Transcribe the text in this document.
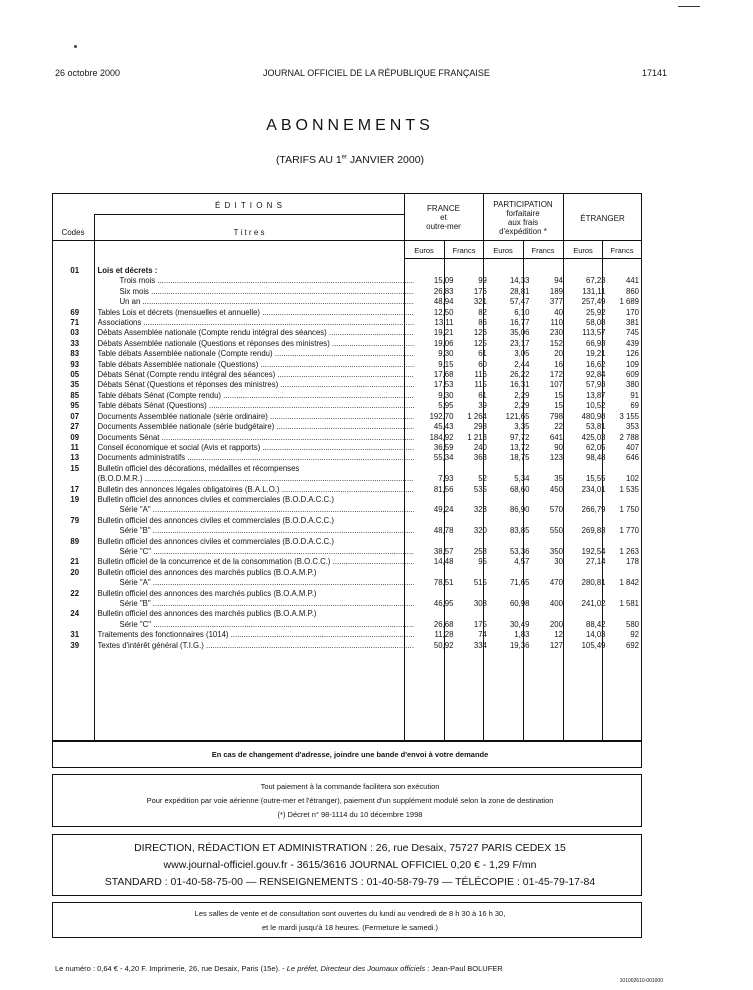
26 octobre 2000	JOURNAL OFFICIEL DE LA RÉPUBLIQUE FRANÇAISE	17141
ABONNEMENTS
(TARIFS AU 1er JANVIER 2000)
É D I T I O N S
Codes	T i t r e s
FRANCE
et
outre-mer
PARTICIPATION
forfaitaire
aux frais
d'expédition *
ÉTRANGER
Euros	Francs	Euros	Francs	Euros	Francs
01	Lois et décrets :						

	Trois mois .....	15,09	99	14,33	94	67,23	441

	Six mois .....	26,83	176	28,81	189	131,11	860

	Un an .....	48,94	321	57,47	377	257,49	1 689
69	Tables Lois et décrets (mensuelles et annuelle) .....	12,50	82	6,10	40	25,92	170
71	Associations .....	13,11	86	16,77	110	58,08	381
03	Débats Assemblée nationale (Compte rendu intégral des séances) .....	19,21	126	35,06	230	113,57	745
33	Débats Assemblée nationale (Questions et réponses des ministres) .....	19,06	125	23,17	152	66,93	439
83	Table débats Assemblée nationale (Compte rendu) .....	9,30	61	3,05	20	19,21	126
93	Table débats Assemblée nationale (Questions) .....	9,15	60	2,44	16	16,62	109
05	Débats Sénat (Compte rendu intégral des séances) .....	17,68	116	26,22	172	92,84	609
35	Débats Sénat (Questions et réponses des ministres) .....	17,53	115	16,31	107	57,93	380
85	Table débats Sénat (Compte rendu) .....	9,30	61	2,29	15	13,87	91
95	Table débats Sénat (Questions) .....	5,95	39	2,29	15	10,52	69
07	Documents Assemblée nationale (série ordinaire) .....	192,70	1 264	121,65	798	480,98	3 155
27	Documents Assemblée nationale (série budgétaire) .....	45,43	298	3,35	22	53,81	353
09	Documents Sénat .....	184,92	1 213	97,72	641	425,03	2 788
11	Conseil économique et social (Avis et rapports) .....	36,59	240	13,72	90	62,05	407
13	Documents administratifs .....	55,34	363	18,75	123	98,48	646
15	Bulletin officiel des décorations, médailles et récompenses						

	(B.O.D.M.R.) .....	7,93	52	5,34	35	15,55	102
17	Bulletin des annonces légales obligatoires (B.A.L.O.) .....	81,56	535	68,60	450	234,01	1 535
19	Bulletin officiel des annonces civiles et commerciales (B.O.D.A.C.C.)						

	Série "A" .....	49,24	323	86,90	570	266,79	1 750
79	Bulletin officiel des annonces civiles et commerciales (B.O.D.A.C.C.)						

	Série "B" .....	48,78	320	83,85	550	269,83	1 770
89	Bulletin officiel des annonces civiles et commerciales (B.O.D.A.C.C.)						

	Série "C" .....	38,57	253	53,36	350	192,54	1 263
21	Bulletin officiel de la concurrence et de la consommation (B.O.C.C.) .....	14,48	95	4,57	30	27,14	178
20	Bulletin officiel des annonces des marchés publics (B.O.A.M.P.)						

	Série "A" .....	78,51	515	71,65	470	280,81	1 842
22	Bulletin officiel des annonces des marchés publics (B.O.A.M.P.)						

	Série "B" .....	46,95	308	60,98	400	241,02	1 581
24	Bulletin officiel des annonces des marchés publics (B.O.A.M.P.)						

	Série "C" .....	26,68	175	30,49	200	88,42	580
31	Traitements des fonctionnaires (1014) .....	11,28	74	1,83	12	14,03	92
39	Textes d'intérêt général (T.I.G.) .....	50,92	334	19,36	127	105,49	692
En cas de changement d'adresse, joindre une bande d'envoi à votre demande
Tout paiement à la commande facilitera son exécution
Pour expédition par voie aérienne (outre-mer et l'étranger), paiement d'un supplément modulé selon la zone de destination
(*) Décret n° 98-1114 du 10 décembre 1998
DIRECTION, RÉDACTION ET ADMINISTRATION : 26, rue Desaix, 75727 PARIS CEDEX 15
www.journal-officiel.gouv.fr - 3615/3616 JOURNAL OFFICIEL 0,20 € - 1,29 F/mn
STANDARD : 01-40-58-75-00 — RENSEIGNEMENTS : 01-40-58-79-79 — TÉLÉCOPIE : 01-45-79-17-84
Les salles de vente et de consultation sont ouvertes du lundi au vendredi de 8 h 30 à 16 h 30,
et le mardi jusqu'à 18 heures. (Fermeture le samedi.)
Le numéro : 0,64 € - 4,20 F. Imprimerie, 26, rue Desaix, Paris (15e). - Le préfet, Directeur des Journaux officiels : Jean-Paul BOLUFER
101002610-001000
